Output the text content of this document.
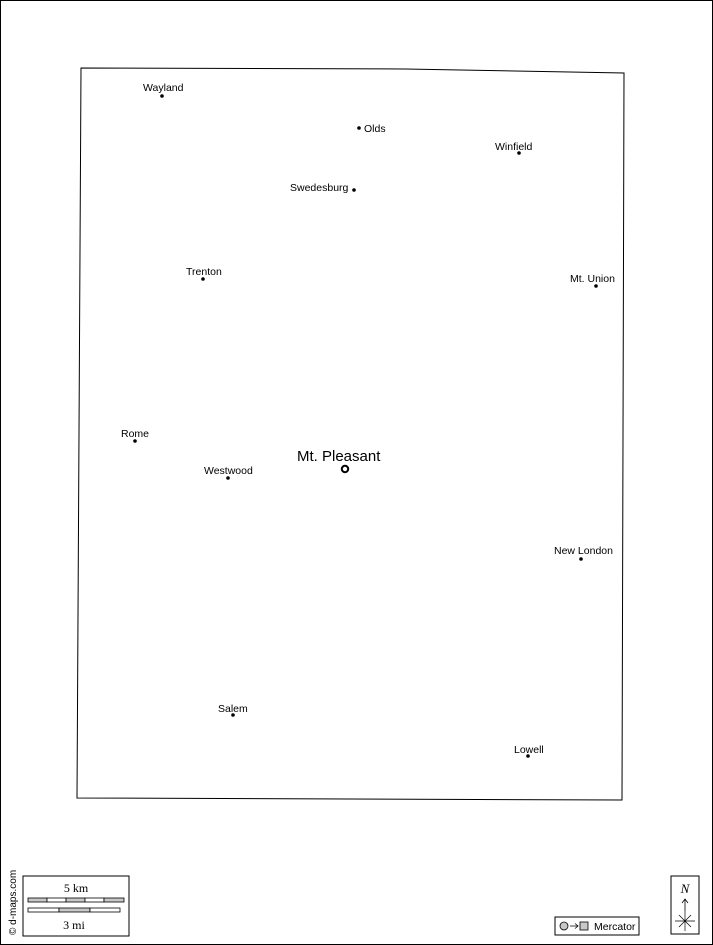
Wayland
Olds
Winfield
Swedesburg
Trenton
Mt. Union
Rome
Westwood
Mt. Pleasant
New London
Salem
Lowell
© d-maps.com	5 km
3 mi	Mercator
N
